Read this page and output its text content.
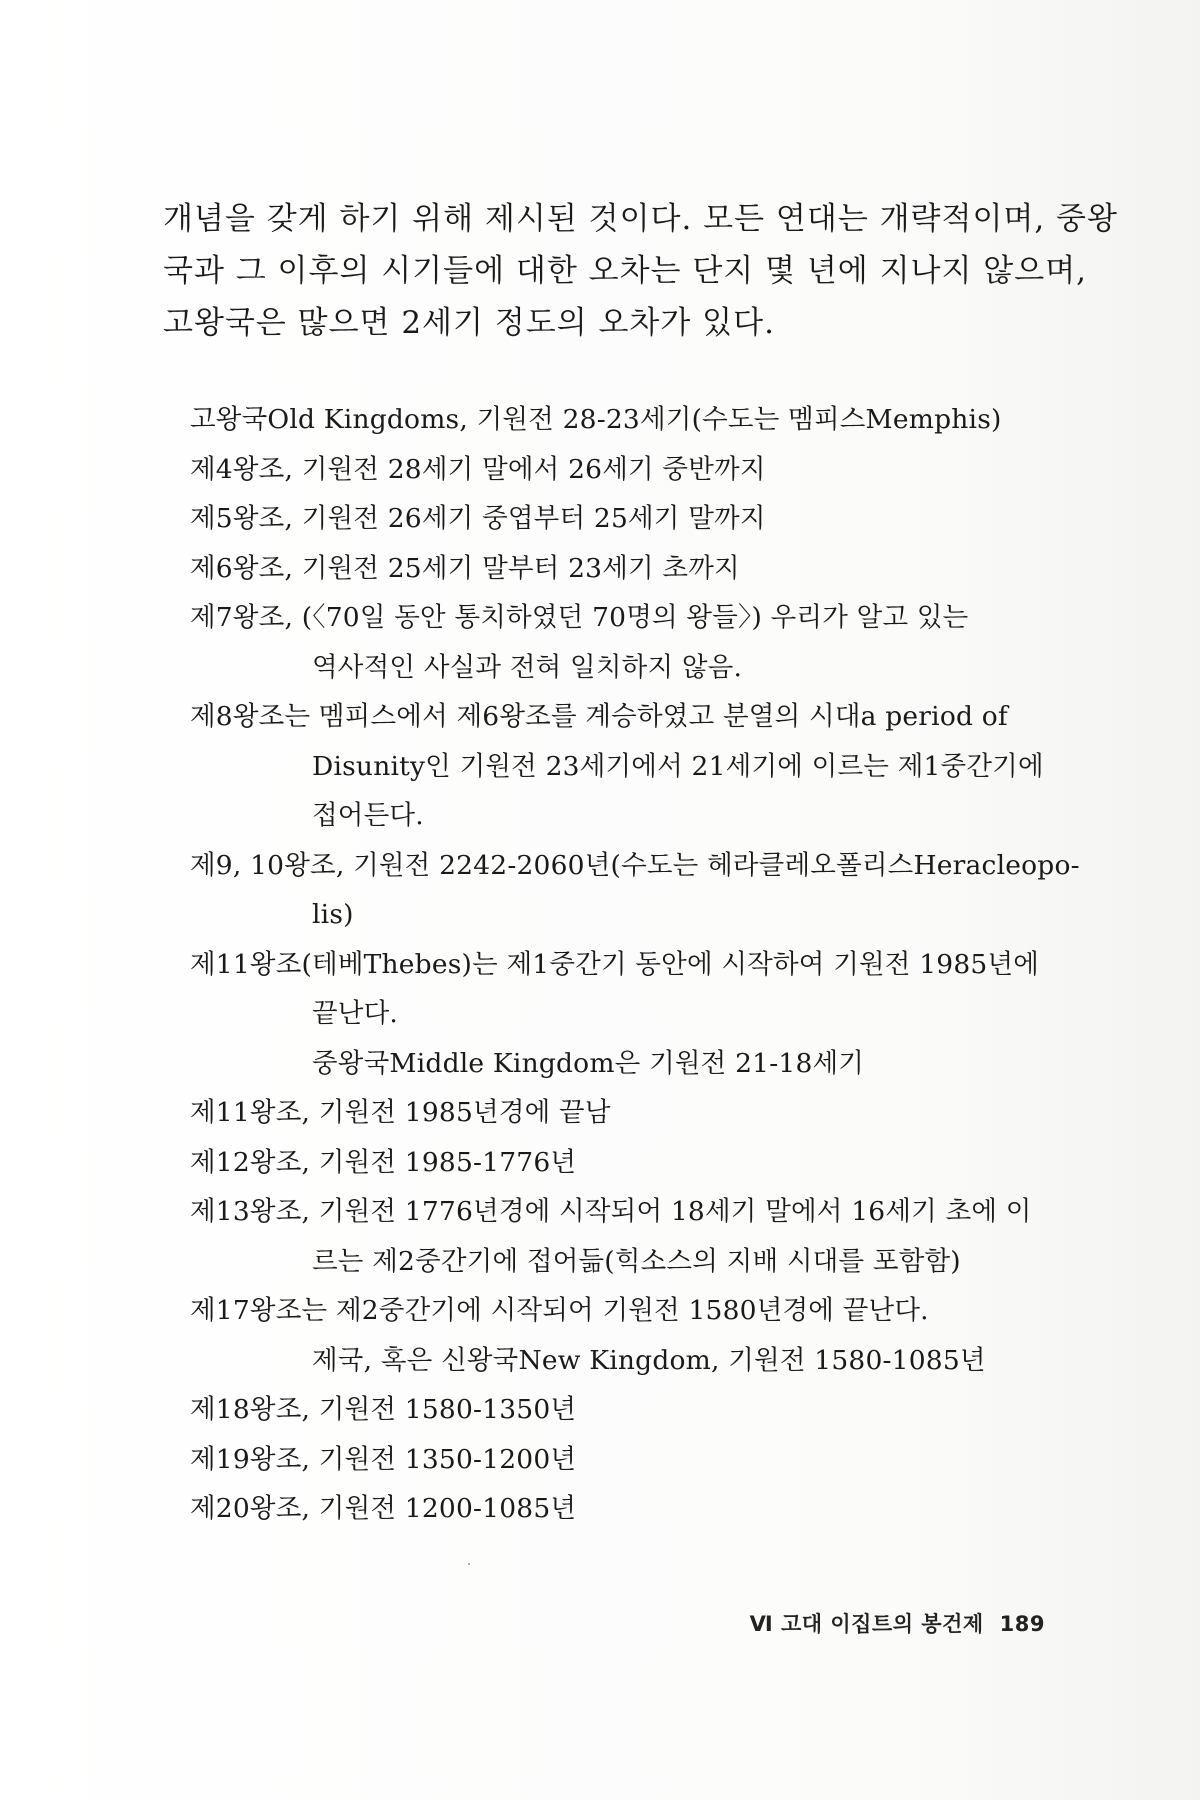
개념을 갖게 하기 위해 제시된 것이다. 모든 연대는 개략적이며, 중왕
국과 그 이후의 시기들에 대한 오차는 단지 몇 년에 지나지 않으며,
고왕국은 많으면 2세기 정도의 오차가 있다.
고왕국Old Kingdoms, 기원전 28-23세기(수도는 멤피스Memphis)
제4왕조, 기원전 28세기 말에서 26세기 중반까지
제5왕조, 기원전 26세기 중엽부터 25세기 말까지
제6왕조, 기원전 25세기 말부터 23세기 초까지
제7왕조, (〈70일 동안 통치하였던 70명의 왕들〉) 우리가 알고 있는
역사적인 사실과 전혀 일치하지 않음.
제8왕조는 멤피스에서 제6왕조를 계승하였고 분열의 시대a period of
Disunity인 기원전 23세기에서 21세기에 이르는 제1중간기에
접어든다.
제9, 10왕조, 기원전 2242-2060년(수도는 헤라클레오폴리스Heracleopo-
lis)
제11왕조(테베Thebes)는 제1중간기 동안에 시작하여 기원전 1985년에
끝난다.
중왕국Middle Kingdom은 기원전 21-18세기
제11왕조, 기원전 1985년경에 끝남
제12왕조, 기원전 1985-1776년
제13왕조, 기원전 1776년경에 시작되어 18세기 말에서 16세기 초에 이
르는 제2중간기에 접어듦(힉소스의 지배 시대를 포함함)
제17왕조는 제2중간기에 시작되어 기원전 1580년경에 끝난다.
제국, 혹은 신왕국New Kingdom, 기원전 1580-1085년
제18왕조, 기원전 1580-1350년
제19왕조, 기원전 1350-1200년
제20왕조, 기원전 1200-1085년
Ⅵ 고대 이집트의 봉건제 189
